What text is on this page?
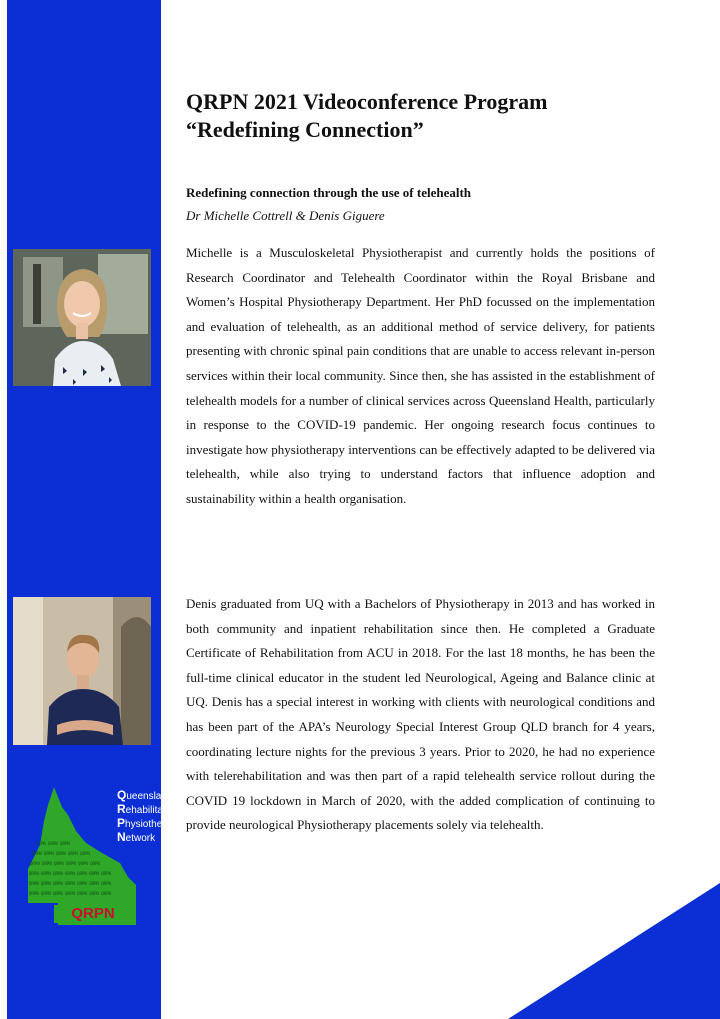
QRPN 2021 Videoconference Program
“Redefining Connection”
Redefining connection through the use of telehealth
Dr Michelle Cottrell & Denis Giguere
Michelle is a Musculoskeletal Physiotherapist and currently holds the positions of Research Coordinator and Telehealth Coordinator within the Royal Brisbane and Women’s Hospital Physiotherapy Department. Her PhD focussed on the implementation and evaluation of telehealth, as an additional method of service delivery, for patients presenting with chronic spinal pain conditions that are unable to access relevant in-person services within their local community. Since then, she has assisted in the establishment of telehealth models for a number of clinical services across Queensland Health, particularly in response to the COVID-19 pandemic. Her ongoing research focus continues to investigate how physiotherapy interventions can be effectively adapted to be delivered via telehealth, while also trying to understand factors that influence adoption and sustainability within a health organisation.
Denis graduated from UQ with a Bachelors of Physiotherapy in 2013 and has worked in both community and inpatient rehabilitation since then. He completed a Graduate Certificate of Rehabilitation from ACU in 2018. For the last 18 months, he has been the full-time clinical educator in the student led Neurological, Ageing and Balance clinic at UQ. Denis has a special interest in working with clients with neurological conditions and has been part of the APA’s Neurology Special Interest Group QLD branch for 4 years, coordinating lecture nights for the previous 3 years. Prior to 2020, he had no experience with telerehabilitation and was then part of a rapid telehealth service rollout during the COVID 19 lockdown in March of 2020, with the added complication of continuing to provide neurological Physiotherapy placements solely via telehealth.
QRPN QRPN QRPN
QRPN QRPN QRPN QRPN QRPN
QRPN QRPN QRPN QRPN QRPN QRPN
QRPN QRPN QRPN QRPN QRPN QRPN QRPN
QRPN QRPN QRPN QRPN QRPN QRPN QRPN
QRPN QRPN QRPN QRPN QRPN QRPN QRPN
Queensland
Rehabilitation
Physiotherapy
Network
QRPN
